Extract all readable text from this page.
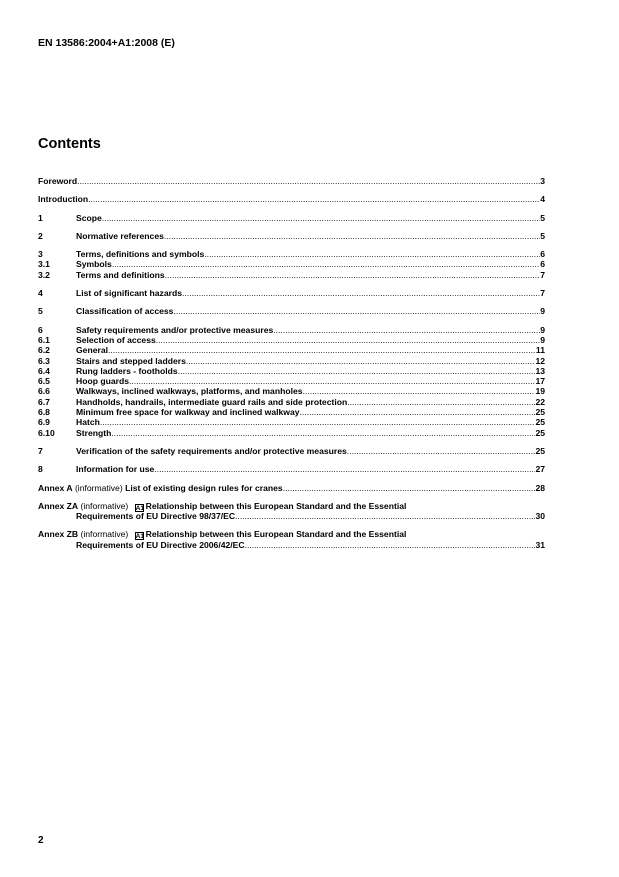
EN 13586:2004+A1:2008 (E)
Contents
Foreword .....	3
Introduction .....	4
1	Scope .....	5
2	Normative references .....	5
3	Terms, definitions and symbols .....	6
3.1	Symbols .....	6
3.2	Terms and definitions .....	7
4	List of significant hazards .....	7
5	Classification of access .....	9
6	Safety requirements and/or protective measures .....	9
6.1	Selection of access .....	9
6.2	General .....	11
6.3	Stairs and stepped ladders .....	12
6.4	Rung ladders - footholds .....	13
6.5	Hoop guards .....	17
6.6	Walkways, inclined walkways, platforms, and manholes .....	19
6.7	Handholds, handrails, intermediate guard rails and side protection .....	22
6.8	Minimum free space for walkway and inclined walkway .....	25
6.9	Hatch .....	25
6.10 Strength .....	25
7	Verification of the safety requirements and/or protective measures .....	25
8	Information for use .....	27
Annex A (informative) List of existing design rules for cranes .....	28
Annex ZA (informative) A1 Relationship between this European Standard and the Essential
Requirements of EU Directive 98/37/EC .....	30
Annex ZB (informative) A1 Relationship between this European Standard and the Essential
Requirements of EU Directive 2006/42/EC .....	31
2
